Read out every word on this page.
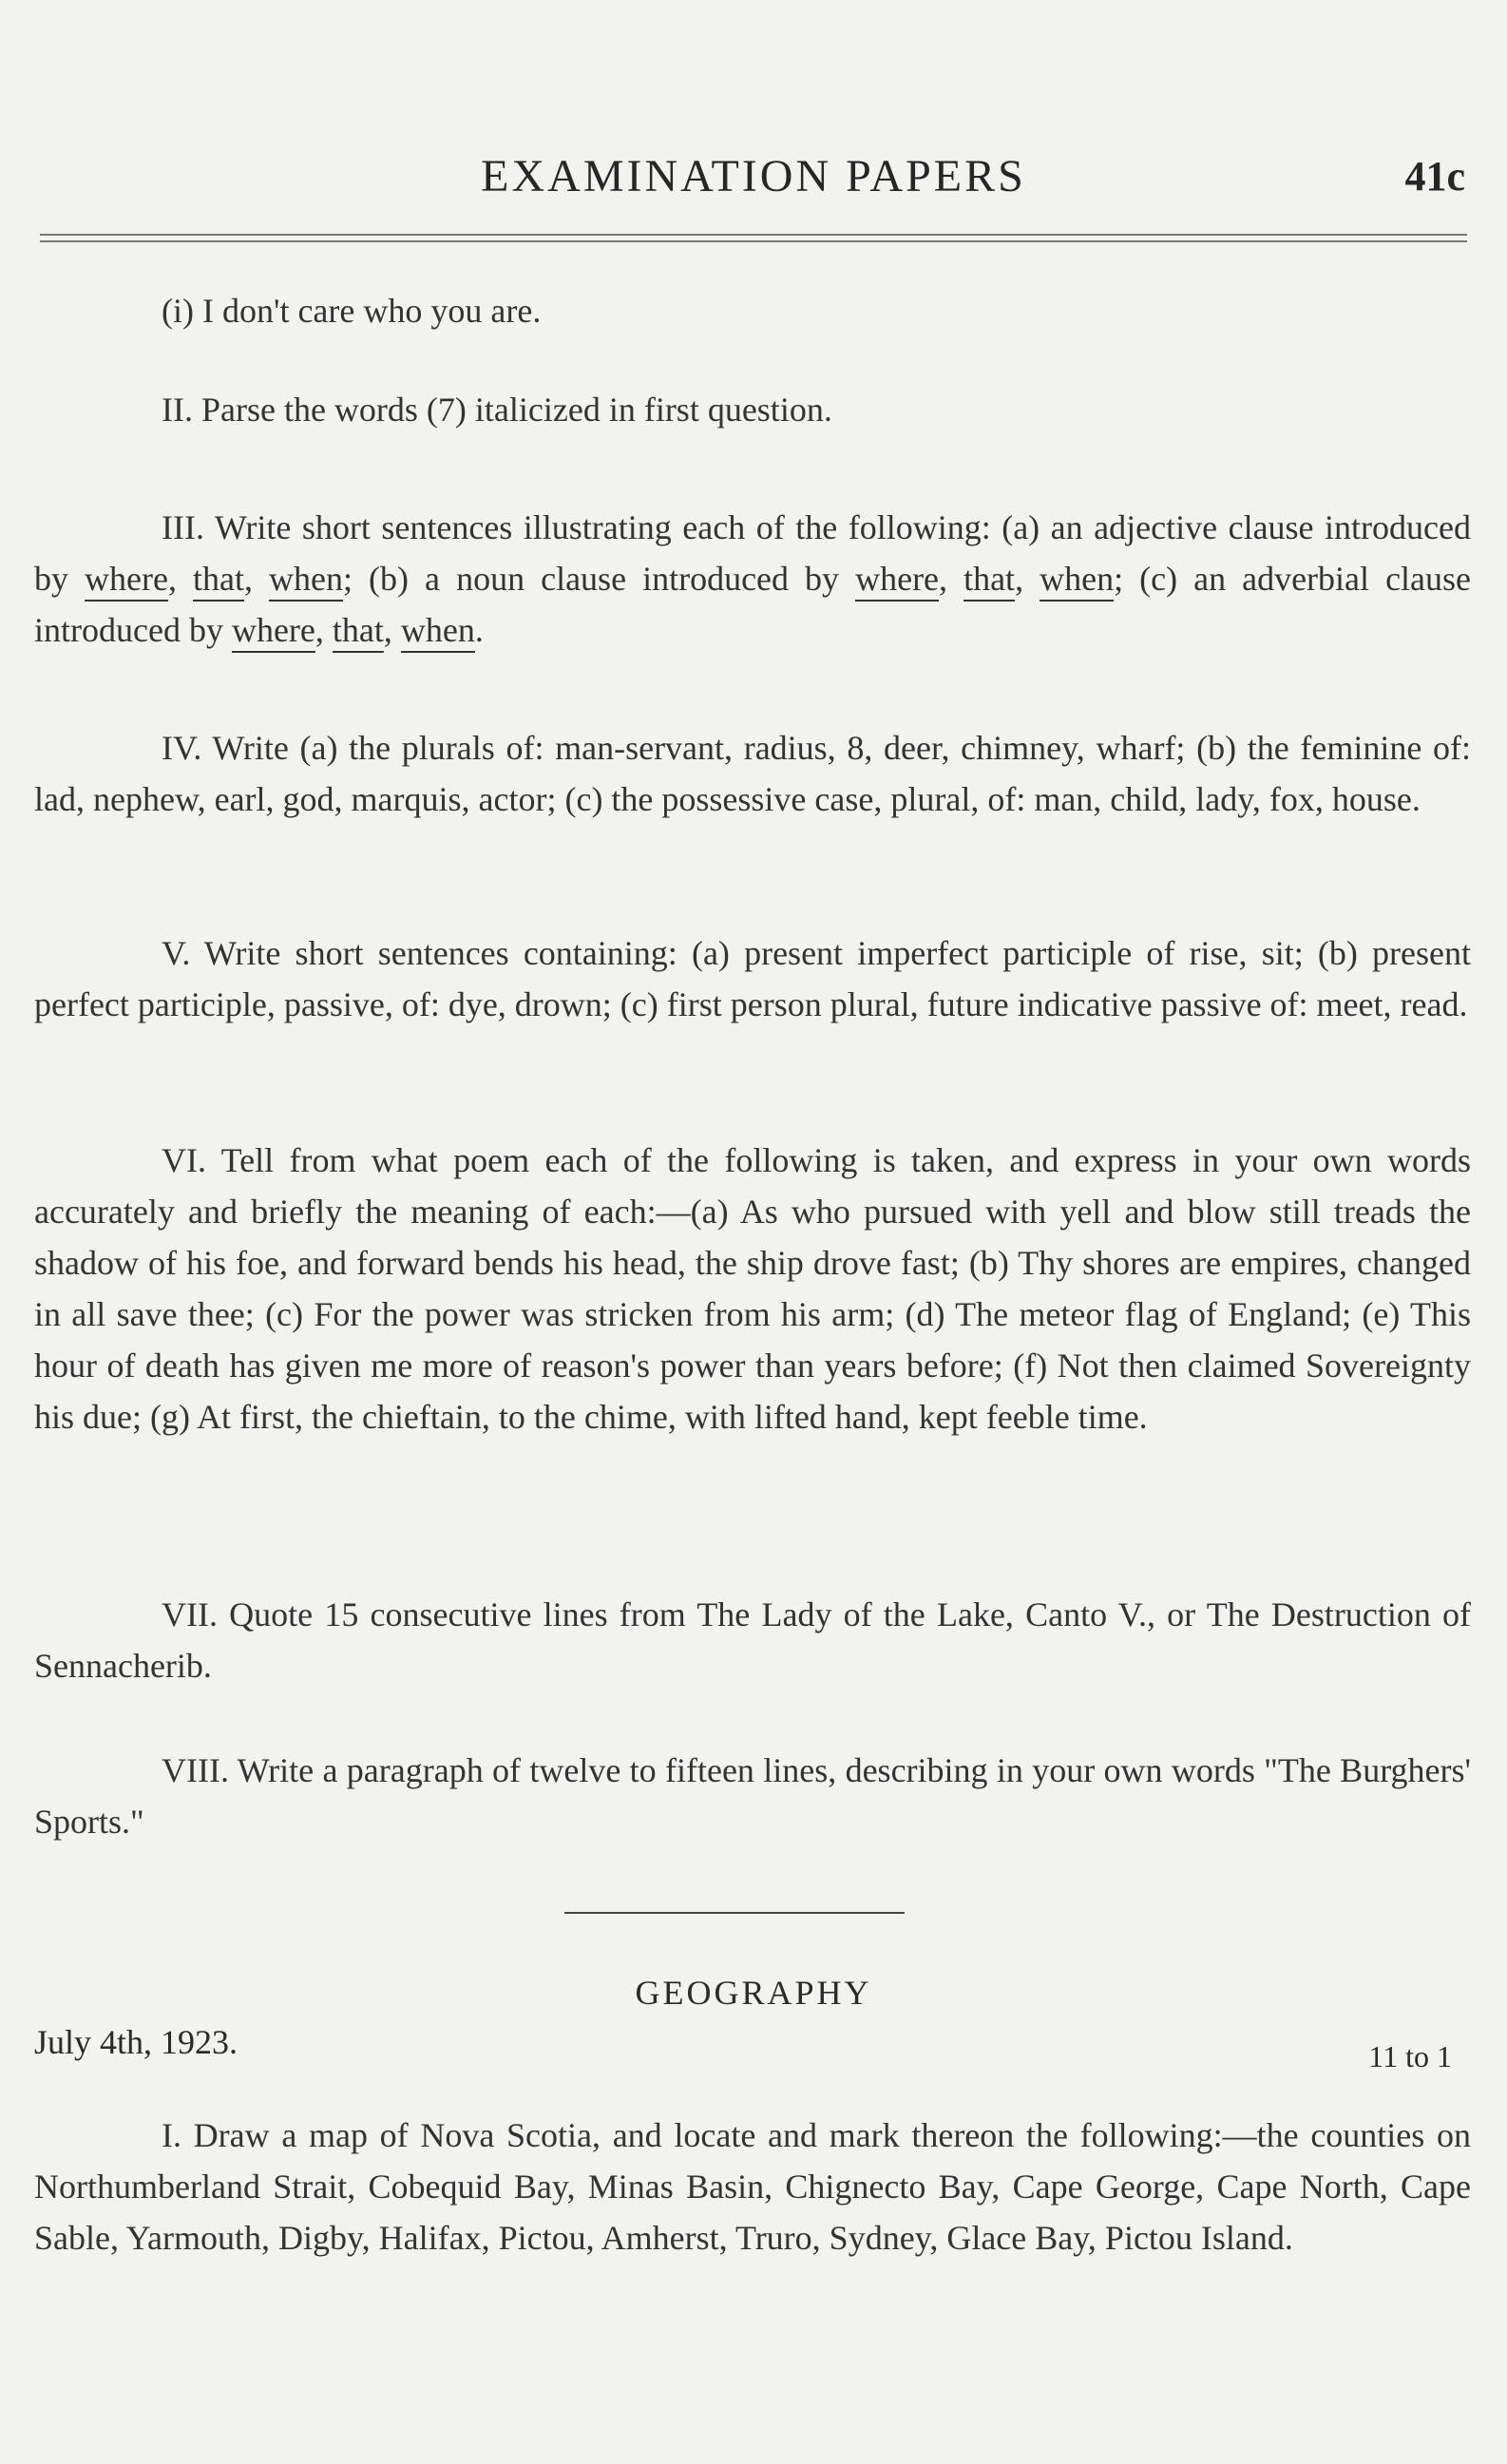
EXAMINATION PAPERS	41c

(i) I don't care who you are.

II. Parse the words (7) italicized in first question.

III. Write short sentences illustrating each of the following: (a) an adjective clause introduced by where, that, when; (b) a noun clause introduced by where, that, when; (c) an adverbial clause introduced by where, that, when.

IV. Write (a) the plurals of: man-servant, radius, 8, deer, chimney, wharf; (b) the feminine of: lad, nephew, earl, god, marquis, actor; (c) the possessive case, plural, of: man, child, lady, fox, house.

V. Write short sentences containing: (a) present imperfect participle of rise, sit; (b) present perfect participle, passive, of: dye, drown; (c) first person plural, future indicative passive of: meet, read.

VI. Tell from what poem each of the following is taken, and express in your own words accurately and briefly the meaning of each:—(a) As who pursued with yell and blow still treads the shadow of his foe, and forward bends his head, the ship drove fast; (b) Thy shores are empires, changed in all save thee; (c) For the power was stricken from his arm; (d) The meteor flag of England; (e) This hour of death has given me more of reason's power than years before; (f) Not then claimed Sovereignty his due; (g) At first, the chieftain, to the chime, with lifted hand, kept feeble time.

VII. Quote 15 consecutive lines from The Lady of the Lake, Canto V., or The Destruction of Sennacherib.

VIII. Write a paragraph of twelve to fifteen lines, describing in your own words "The Burghers' Sports."

GEOGRAPHY
July 4th, 1923.	11 to 1

I. Draw a map of Nova Scotia, and locate and mark thereon the following:—the counties on Northumberland Strait, Cobequid Bay, Minas Basin, Chignecto Bay, Cape George, Cape North, Cape Sable, Yarmouth, Digby, Halifax, Pictou, Amherst, Truro, Sydney, Glace Bay, Pictou Island.
